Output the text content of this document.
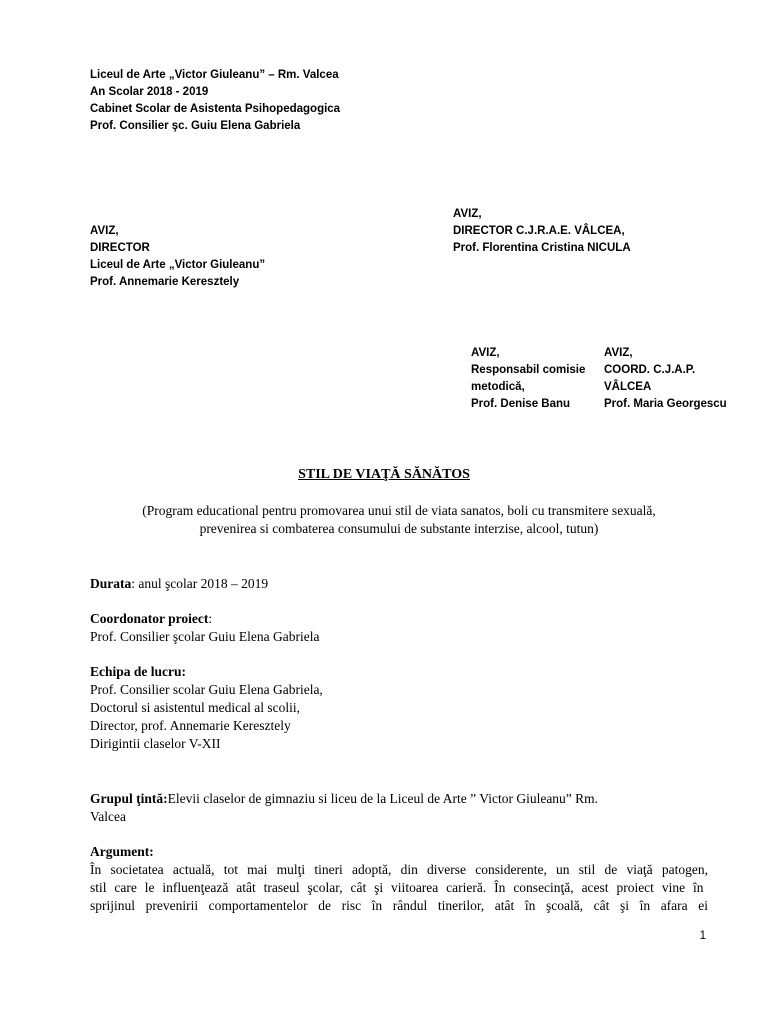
Liceul de Arte „Victor Giuleanu” – Rm. Valcea
An Scolar 2018 - 2019
Cabinet Scolar de Asistenta Psihopedagogica
Prof. Consilier şc. Guiu Elena Gabriela
AVIZ,
DIRECTOR C.J.R.A.E. VÂLCEA,
Prof. Florentina Cristina NICULA
AVIZ,
DIRECTOR
Liceul de Arte „Victor Giuleanu”
Prof. Annemarie Keresztely
AVIZ,
Responsabil comisie
metodică,
Prof. Denise Banu
AVIZ,
COORD. C.J.A.P.
VÂLCEA
Prof. Maria Georgescu
STIL DE VIAŢĂ SĂNĂTOS
(Program educational pentru promovarea unui stil de viata sanatos, boli cu transmitere sexuală,
prevenirea si combaterea consumului de substante interzise, alcool, tutun)
Durata: anul şcolar 2018 – 2019
Coordonator proiect:
Prof. Consilier şcolar Guiu Elena Gabriela
Echipa de lucru:
Prof. Consilier scolar Guiu Elena Gabriela,
Doctorul si asistentul medical al scolii,
Director, prof. Annemarie Keresztely
Dirigintii claselor V-XII
Grupul ţintă:Elevii claselor de gimnaziu si liceu de la Liceul de Arte ” Victor Giuleanu” Rm.
Valcea
Argument:
În societatea actuală, tot mai mulţi tineri adoptă, din diverse considerente, un stil de viaţă patogen, stil care le influenţează atât traseul şcolar, cât şi viitoarea carieră. În consecinţă, acest proiect vine în sprijinul prevenirii comportamentelor de risc în rândul tinerilor, atât în şcoală, cât şi în afara ei
1
